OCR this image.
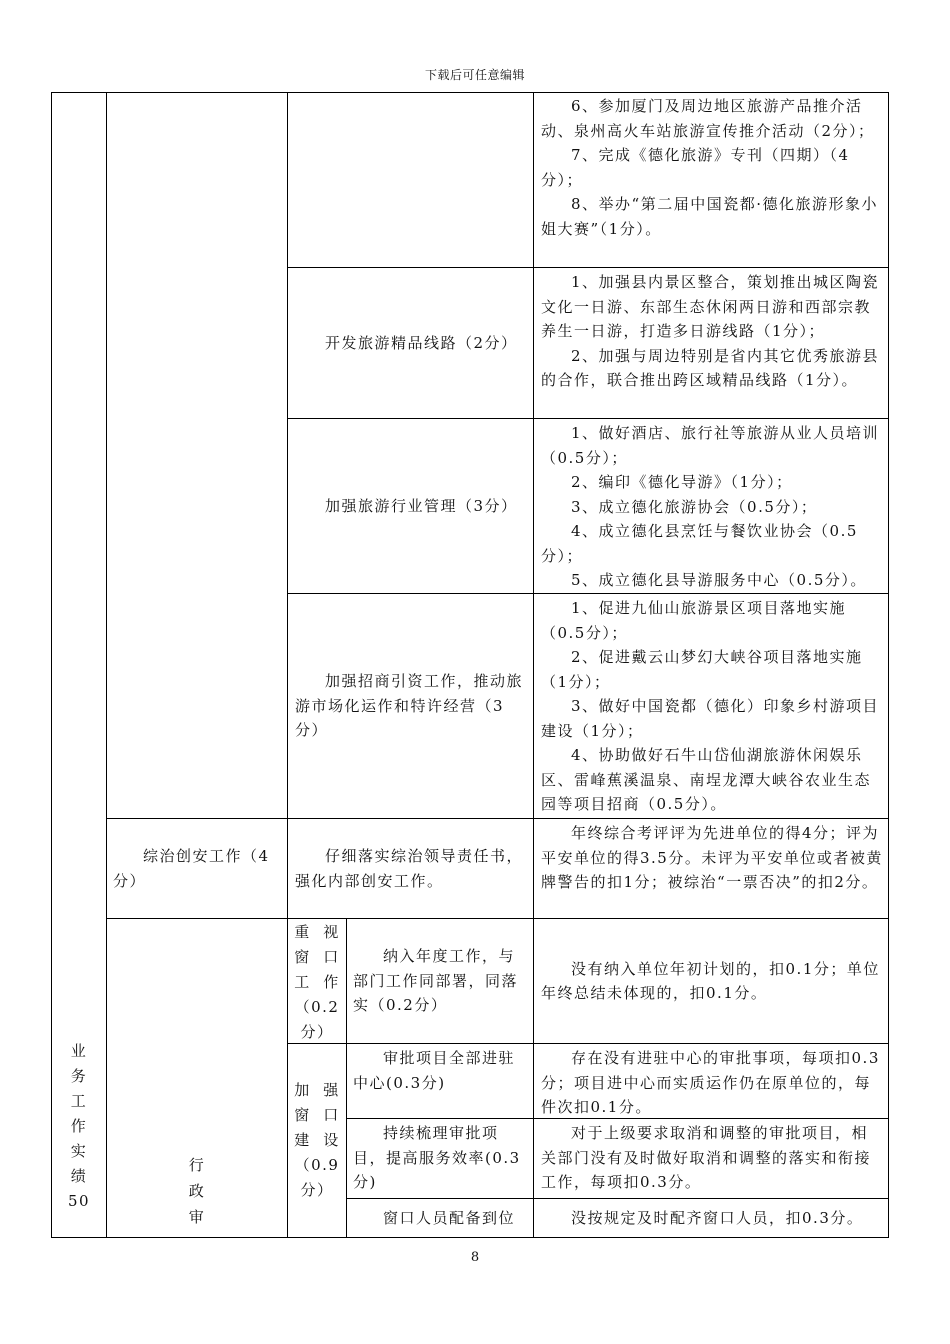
下载后可任意编辑

6、参加厦门及周边地区旅游产品推介活动、泉州高火车站旅游宣传推介活动（2分）；

7、完成《德化旅游》专刊（四期）（4分）；

8、举办“第二届中国瓷都·德化旅游形象小姐大赛”（1分）。

开发旅游精品线路（2分）

1、加强县内景区整合，策划推出城区陶瓷文化一日游、东部生态休闲两日游和西部宗教养生一日游，打造多日游线路（1分）；

2、加强与周边特别是省内其它优秀旅游县的合作，联合推出跨区域精品线路（1分）。

加强旅游行业管理（3分）

1、做好酒店、旅行社等旅游从业人员培训（0.5分）；

2、编印《德化导游》（1分）；

3、成立德化旅游协会（0.5分）；

4、成立德化县烹饪与餐饮业协会（0.5分）；

5、成立德化县导游服务中心（0.5分）。

加强招商引资工作，推动旅游市场化运作和特许经营（3分）

1、促进九仙山旅游景区项目落地实施（0.5分）；

2、促进戴云山梦幻大峡谷项目落地实施（1分）；

3、做好中国瓷都（德化）印象乡村游项目建设（1分）；

4、协助做好石牛山岱仙湖旅游休闲娱乐区、雷峰蕉溪温泉、南埕龙潭大峡谷农业生态园等项目招商（0.5分）。

综治创安工作（4分）

仔细落实综治领导责任书，强化内部创安工作。

年终综合考评评为先进单位的得4分；评为平安单位的得3.5分。未评为平安单位或者被黄牌警告的扣1分；被综治“一票否决”的扣2分。

重 视
窗 口
工 作

（0.2
分）

纳入年度工作，与部门工作同部署，同落实（0.2分）

没有纳入单位年初计划的，扣0.1分；单位年终总结未体现的，扣0.1分。

加 强
窗 口
建 设

（0.9
分）

审批项目全部进驻中心(0.3分)

存在没有进驻中心的审批事项，每项扣0.3分；项目进中心而实质运作仍在原单位的，每件次扣0.1分。

持续梳理审批项目，提高服务效率(0.3分)

对于上级要求取消和调整的审批项目，相关部门没有及时做好取消和调整的落实和衔接工作，每项扣0.3分。

窗口人员配备到位	没按规定及时配齐窗口人员，扣0.3分。

行
政
审
业
务
工
作
实
绩
50
8
